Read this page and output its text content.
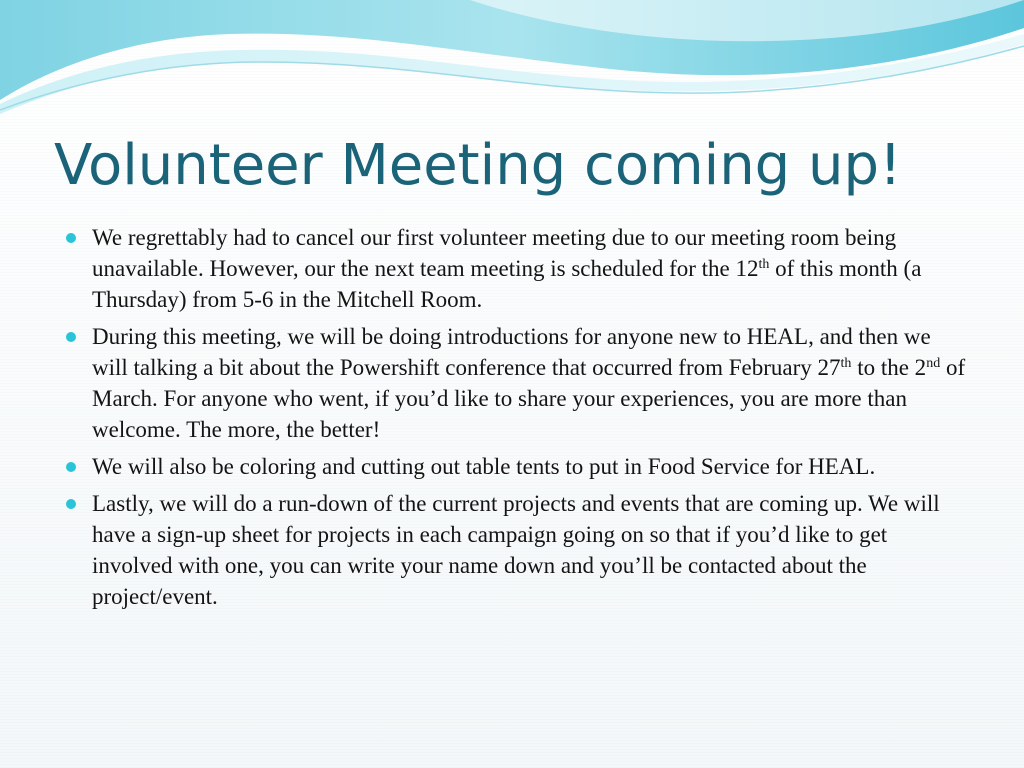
Volunteer Meeting coming up!
We regrettably had to cancel our first volunteer meeting due to our meeting room being unavailable. However, our the next team meeting is scheduled for the 12th of this month (a Thursday) from 5-6 in the Mitchell Room.
During this meeting, we will be doing introductions for anyone new to HEAL, and then we will talking a bit about the Powershift conference that occurred from February 27th to the 2nd of March. For anyone who went, if you’d like to share your experiences, you are more than welcome. The more, the better!
We will also be coloring and cutting out table tents to put in Food Service for HEAL.
Lastly, we will do a run-down of the current projects and events that are coming up. We will have a sign-up sheet for projects in each campaign going on so that if you’d like to get involved with one, you can write your name down and you’ll be contacted about the project/event.
